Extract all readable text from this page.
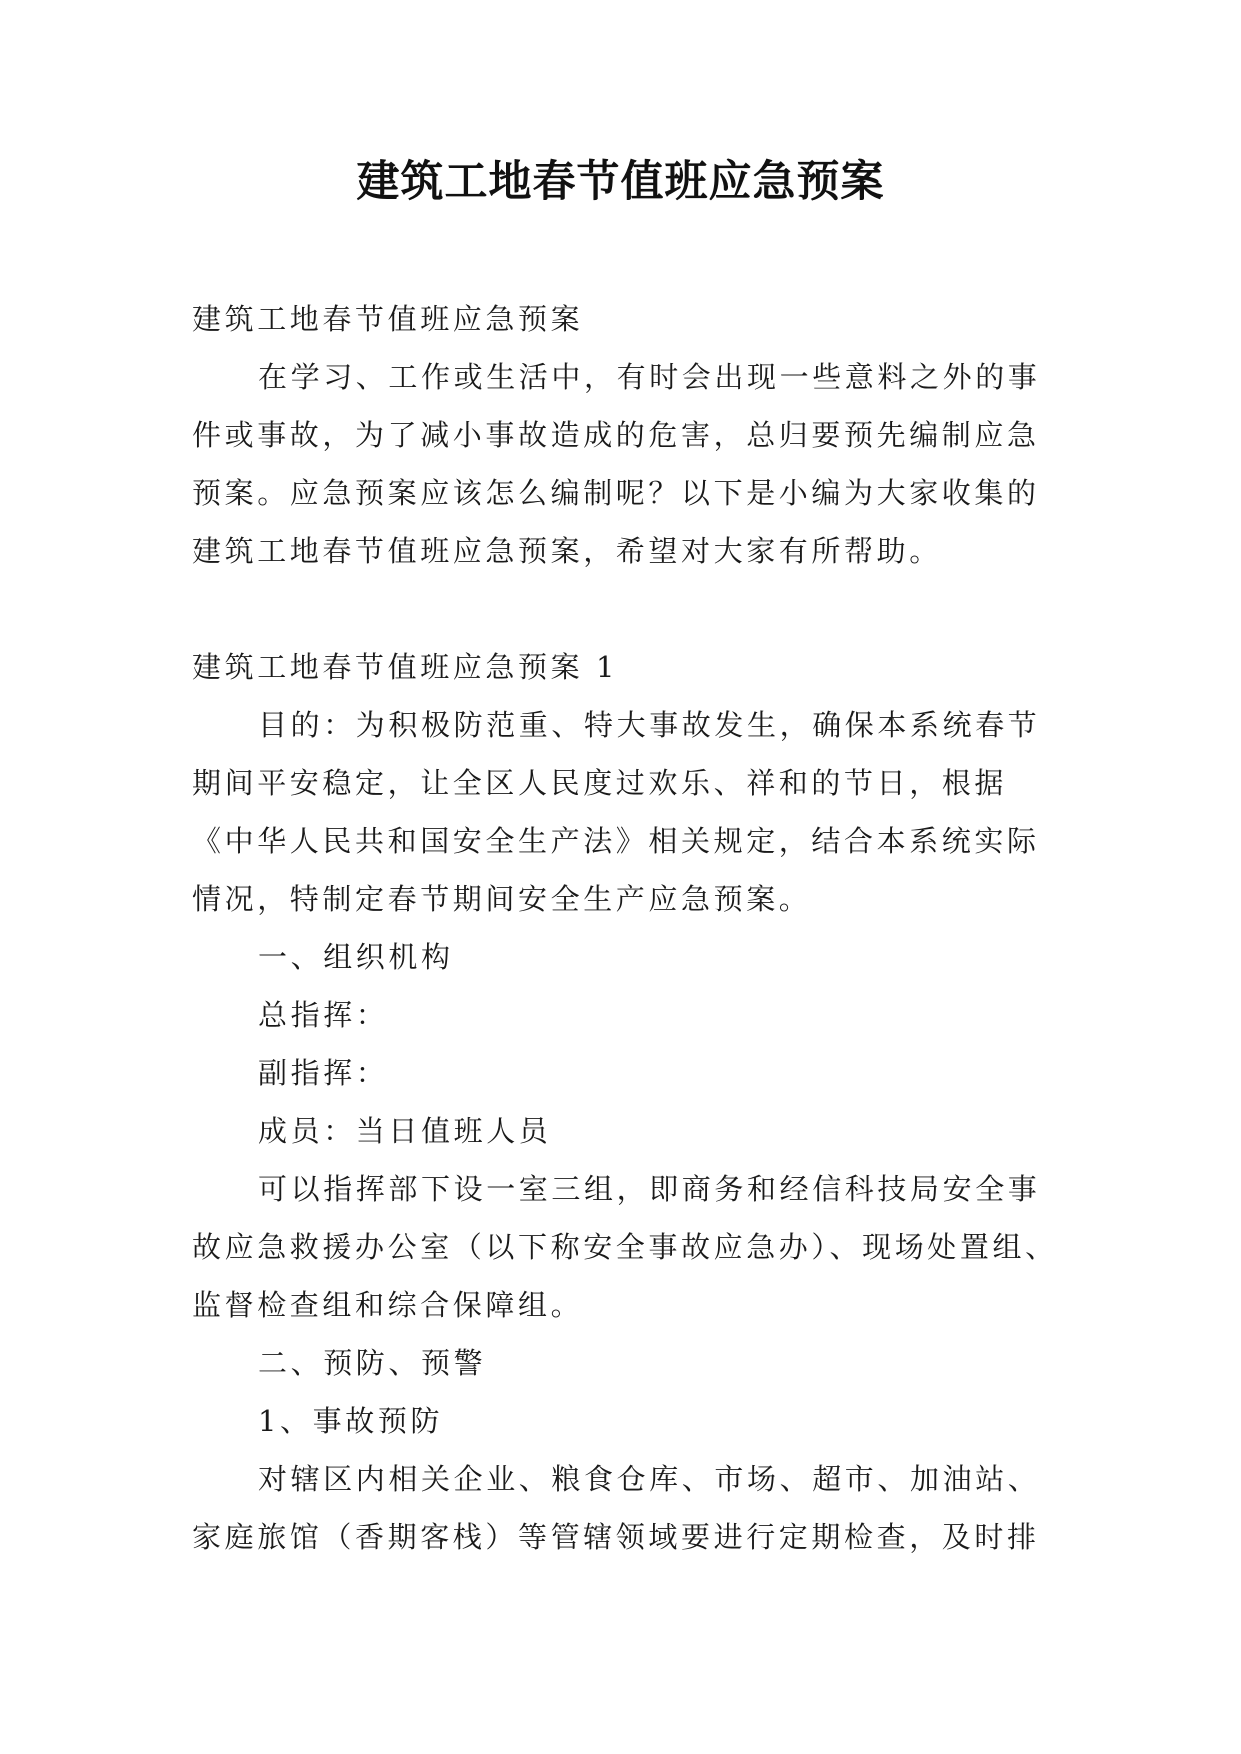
建筑工地春节值班应急预案
建筑工地春节值班应急预案
在学习、工作或生活中，有时会出现一些意料之外的事
件或事故，为了减小事故造成的危害，总归要预先编制应急
预案。应急预案应该怎么编制呢？以下是小编为大家收集的
建筑工地春节值班应急预案，希望对大家有所帮助。
建筑工地春节值班应急预案 1
目的：为积极防范重、特大事故发生，确保本系统春节
期间平安稳定，让全区人民度过欢乐、祥和的节日，根据
《中华人民共和国安全生产法》相关规定，结合本系统实际
情况，特制定春节期间安全生产应急预案。
一、组织机构
总指挥：
副指挥：
成员：当日值班人员
可以指挥部下设一室三组，即商务和经信科技局安全事
故应急救援办公室（以下称安全事故应急办）、现场处置组、
监督检查组和综合保障组。
二、预防、预警
1、事故预防
对辖区内相关企业、粮食仓库、市场、超市、加油站、
家庭旅馆（香期客栈）等管辖领域要进行定期检查，及时排
